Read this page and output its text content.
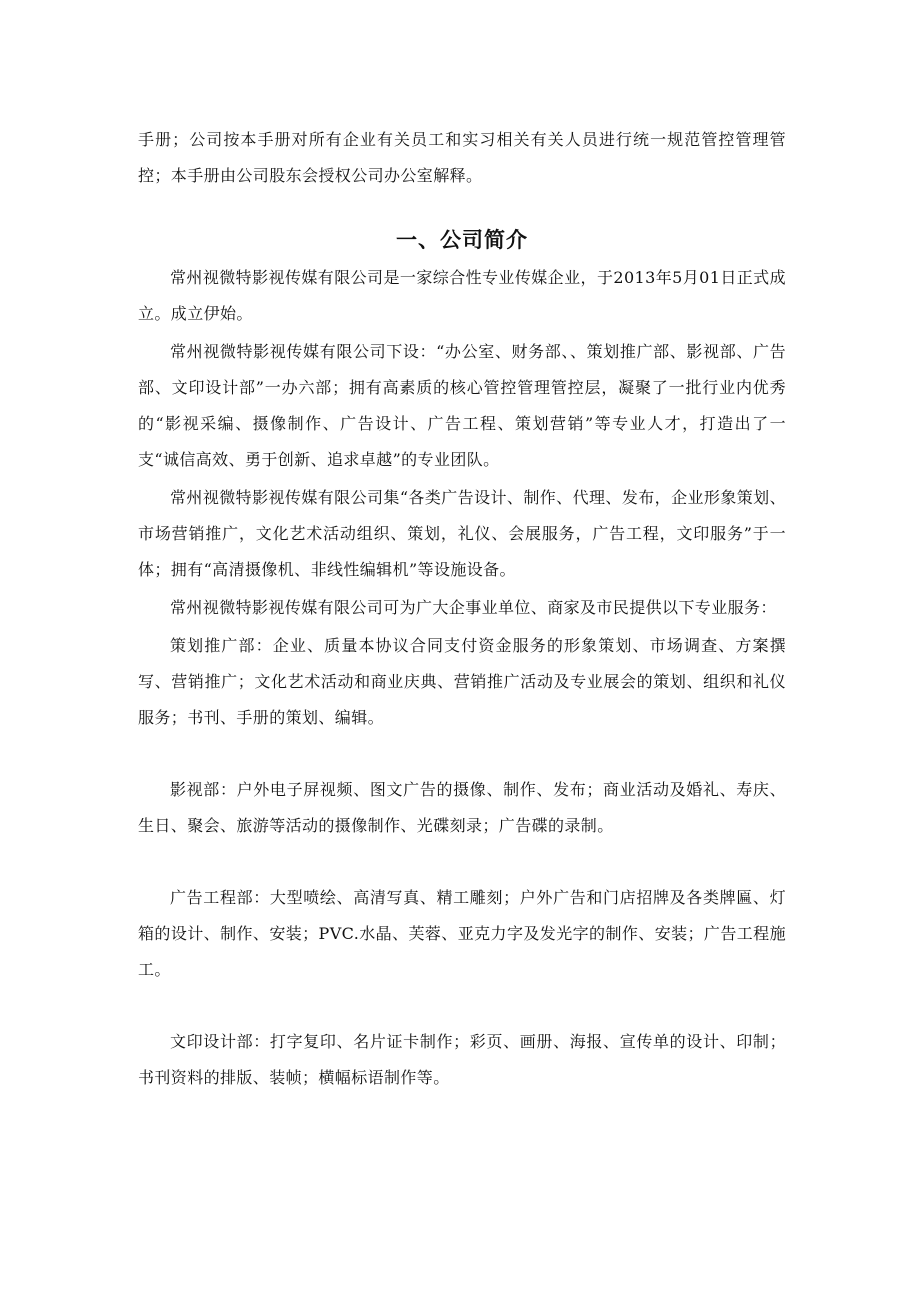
手册；公司按本手册对所有企业有关员工和实习相关有关人员进行统一规范管控管理管控；本手册由公司股东会授权公司办公室解释。

一、公司简介

常州视微特影视传媒有限公司是一家综合性专业传媒企业，于2013年5月01日正式成立。成立伊始。

常州视微特影视传媒有限公司下设：“办公室、财务部、、策划推广部、影视部、广告部、文印设计部”一办六部；拥有高素质的核心管控管理管控层，凝聚了一批行业内优秀的“影视采编、摄像制作、广告设计、广告工程、策划营销”等专业人才，打造出了一支“诚信高效、勇于创新、追求卓越”的专业团队。

常州视微特影视传媒有限公司集“各类广告设计、制作、代理、发布，企业形象策划、市场营销推广，文化艺术活动组织、策划，礼仪、会展服务，广告工程，文印服务”于一体；拥有“高清摄像机、非线性编辑机”等设施设备。

常州视微特影视传媒有限公司可为广大企事业单位、商家及市民提供以下专业服务：

策划推广部：企业、质量本协议合同支付资金服务的形象策划、市场调查、方案撰写、营销推广；文化艺术活动和商业庆典、营销推广活动及专业展会的策划、组织和礼仪服务；书刊、手册的策划、编辑。

影视部：户外电子屏视频、图文广告的摄像、制作、发布；商业活动及婚礼、寿庆、生日、聚会、旅游等活动的摄像制作、光碟刻录；广告碟的录制。

广告工程部：大型喷绘、高清写真、精工雕刻；户外广告和门店招牌及各类牌匾、灯箱的设计、制作、安装；PVC.水晶、芙蓉、亚克力字及发光字的制作、安装；广告工程施工。

文印设计部：打字复印、名片证卡制作；彩页、画册、海报、宣传单的设计、印制；书刊资料的排版、装帧；横幅标语制作等。
